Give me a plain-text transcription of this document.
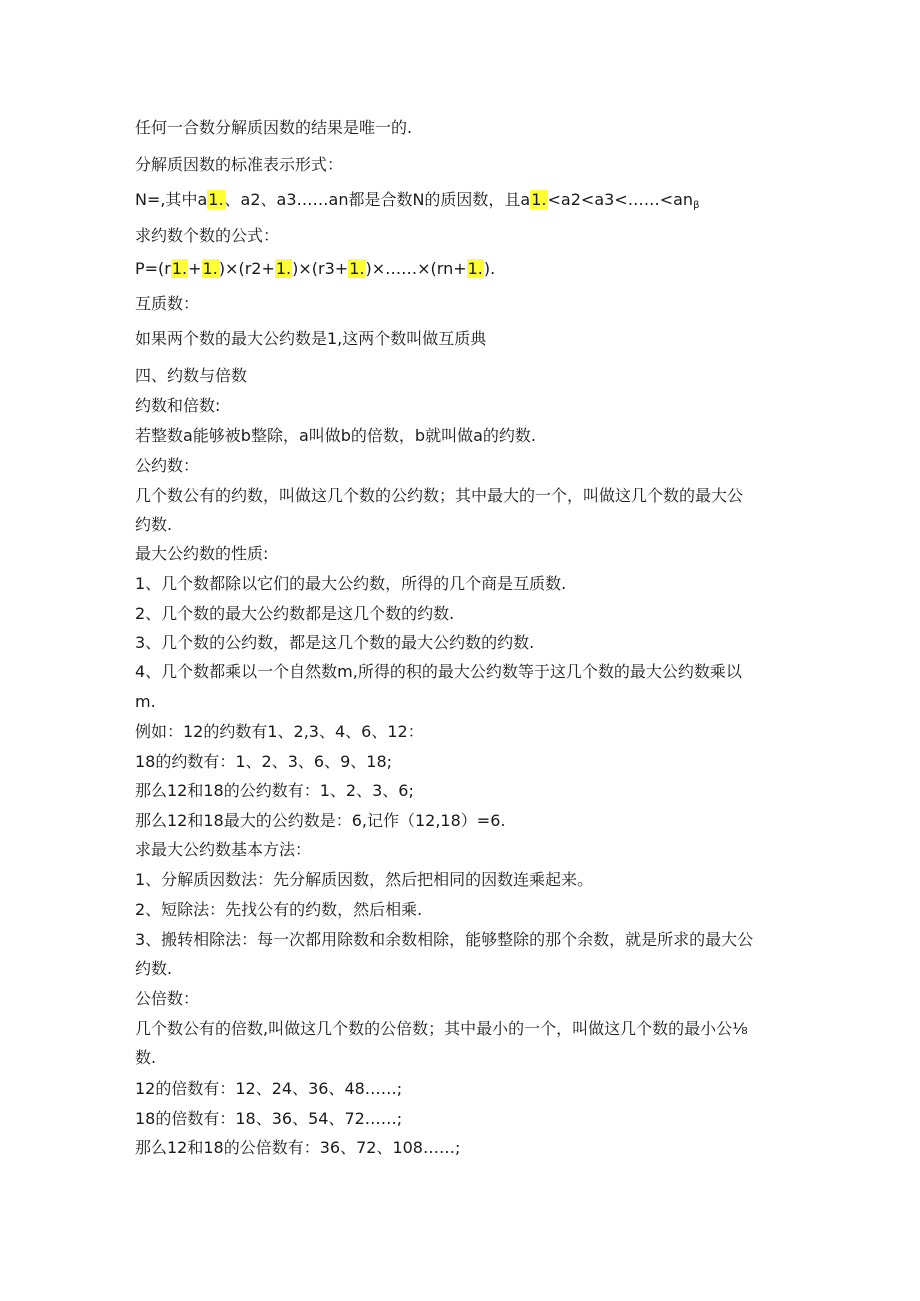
任何一合数分解质因数的结果是唯一的.

分解质因数的标准表示形式：

N=,其中a1.、a2、a3……an都是合数N的质因数，且$a1.<a2<a3<\dots\dots<an_\beta$

求约数个数的公式：

P=(r1.+1.)×(r2+1.)×(r3+1.)×……×(rn+1.).

互质数：

如果两个数的最大公约数是1,这两个数叫做互质典

四、约数与倍数

约数和倍数:

若整数a能够被b整除，a叫做b的倍数，b就叫做a的约数.

公约数：

几个数公有的约数，叫做这几个数的公约数；其中最大的一个，叫做这几个数的最大公

约数.

最大公约数的性质:

1、几个数都除以它们的最大公约数，所得的几个商是互质数.

2、几个数的最大公约数都是这几个数的约数.

3、几个数的公约数，都是这几个数的最大公约数的约数.

4、几个数都乘以一个自然数m,所得的积的最大公约数等于这几个数的最大公约数乘以

m.

例如：12的约数有1、2,3、4、6、12：

18的约数有：1、2、3、6、9、18;

那么12和18的公约数有：1、2、3、6;

那么12和18最大的公约数是：6,记作（12,18）=6.

求最大公约数基本方法：

1、分解质因数法：先分解质因数，然后把相同的因数连乘起来。

2、短除法：先找公有的约数，然后相乘.

3、搬转相除法：每一次都用除数和余数相除，能够整除的那个余数，就是所求的最大公

约数.

公倍数：

几个数公有的倍数,叫做这几个数的公倍数；其中最小的一个，叫做这几个数的最小公⅛

数.

12的倍数有：12、24、36、48……;

18的倍数有：18、36、54、72……;

那么12和18的公倍数有：36、72、108……;
